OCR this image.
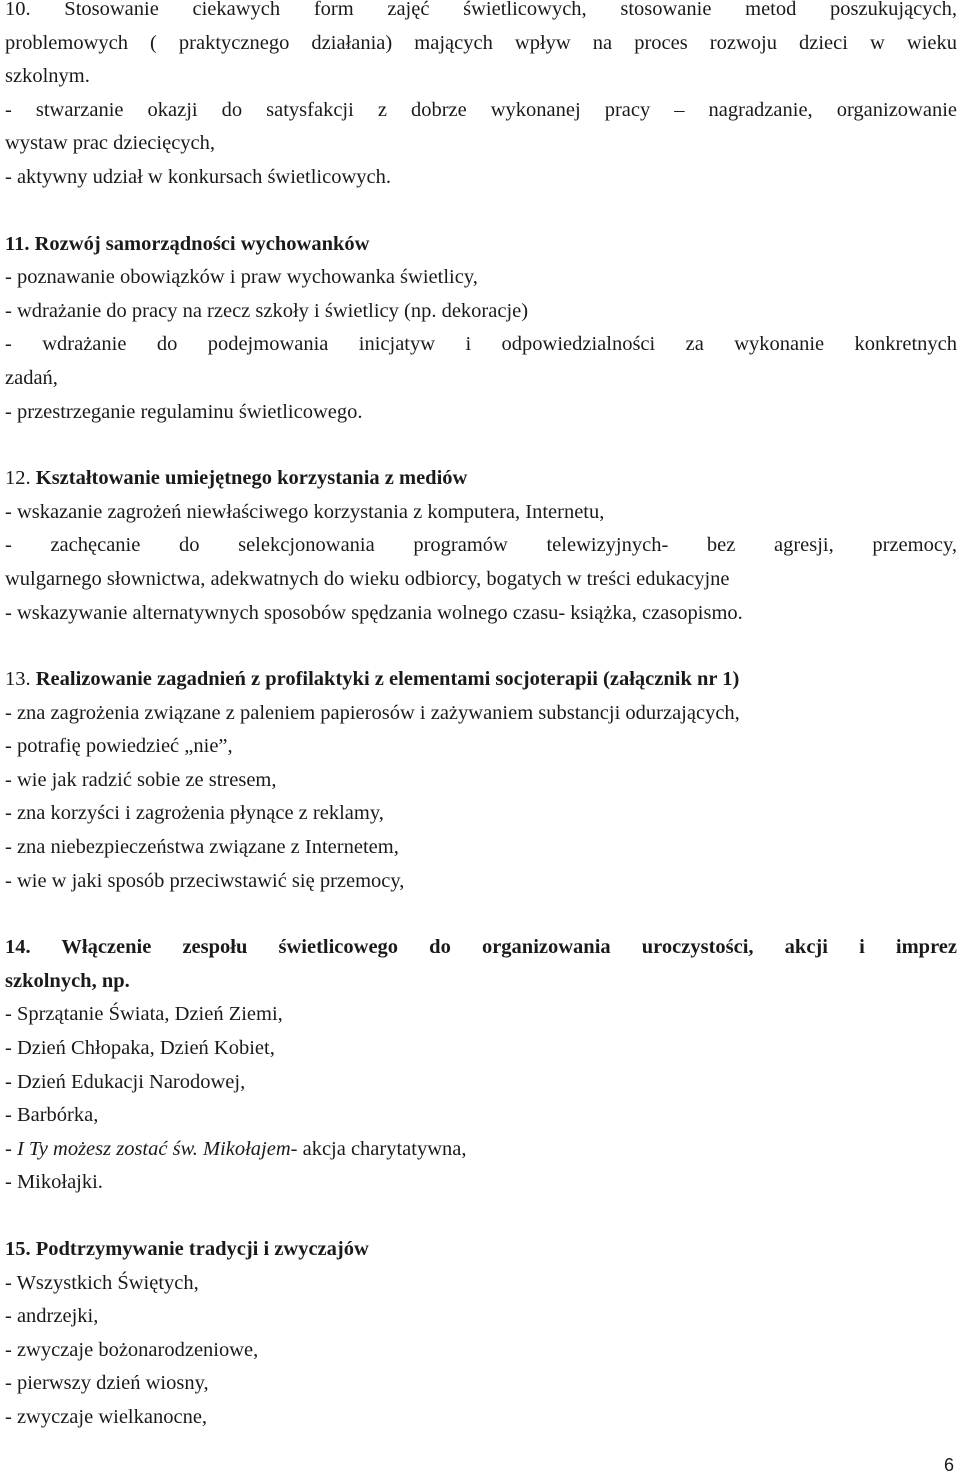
10. Stosowanie ciekawych form zajęć świetlicowych, stosowanie metod poszukujących,
problemowych ( praktycznego działania) mających wpływ na proces rozwoju dzieci w wieku
szkolnym.
- stwarzanie okazji do satysfakcji z dobrze wykonanej pracy – nagradzanie, organizowanie
wystaw prac dziecięcych,
- aktywny udział w konkursach świetlicowych.
11. Rozwój samorządności wychowanków
- poznawanie obowiązków i praw wychowanka świetlicy,
- wdrażanie do pracy na rzecz szkoły i świetlicy (np. dekoracje)
- wdrażanie do podejmowania inicjatyw i odpowiedzialności za wykonanie konkretnych
zadań,
- przestrzeganie regulaminu świetlicowego.
12. Kształtowanie umiejętnego korzystania z mediów
- wskazanie zagrożeń niewłaściwego korzystania z komputera, Internetu,
- zachęcanie do selekcjonowania programów telewizyjnych- bez agresji, przemocy,
wulgarnego słownictwa, adekwatnych do wieku odbiorcy, bogatych w treści edukacyjne
- wskazywanie alternatywnych sposobów spędzania wolnego czasu- książka, czasopismo.
13. Realizowanie zagadnień z profilaktyki z elementami socjoterapii (załącznik nr 1)
- zna zagrożenia związane z paleniem papierosów i zażywaniem substancji odurzających,
- potrafię powiedzieć „nie”,
- wie jak radzić sobie ze stresem,
- zna korzyści i zagrożenia płynące z reklamy,
- zna niebezpieczeństwa związane z Internetem,
- wie w jaki sposób przeciwstawić się przemocy,
14. Włączenie zespołu świetlicowego do organizowania uroczystości, akcji i imprez
szkolnych, np.
- Sprzątanie Świata, Dzień Ziemi,
- Dzień Chłopaka, Dzień Kobiet,
- Dzień Edukacji Narodowej,
- Barbórka,
- I Ty możesz zostać św. Mikołajem- akcja charytatywna,
- Mikołajki.
15. Podtrzymywanie tradycji i zwyczajów
- Wszystkich Świętych,
- andrzejki,
- zwyczaje bożonarodzeniowe,
- pierwszy dzień wiosny,
- zwyczaje wielkanocne,
6
